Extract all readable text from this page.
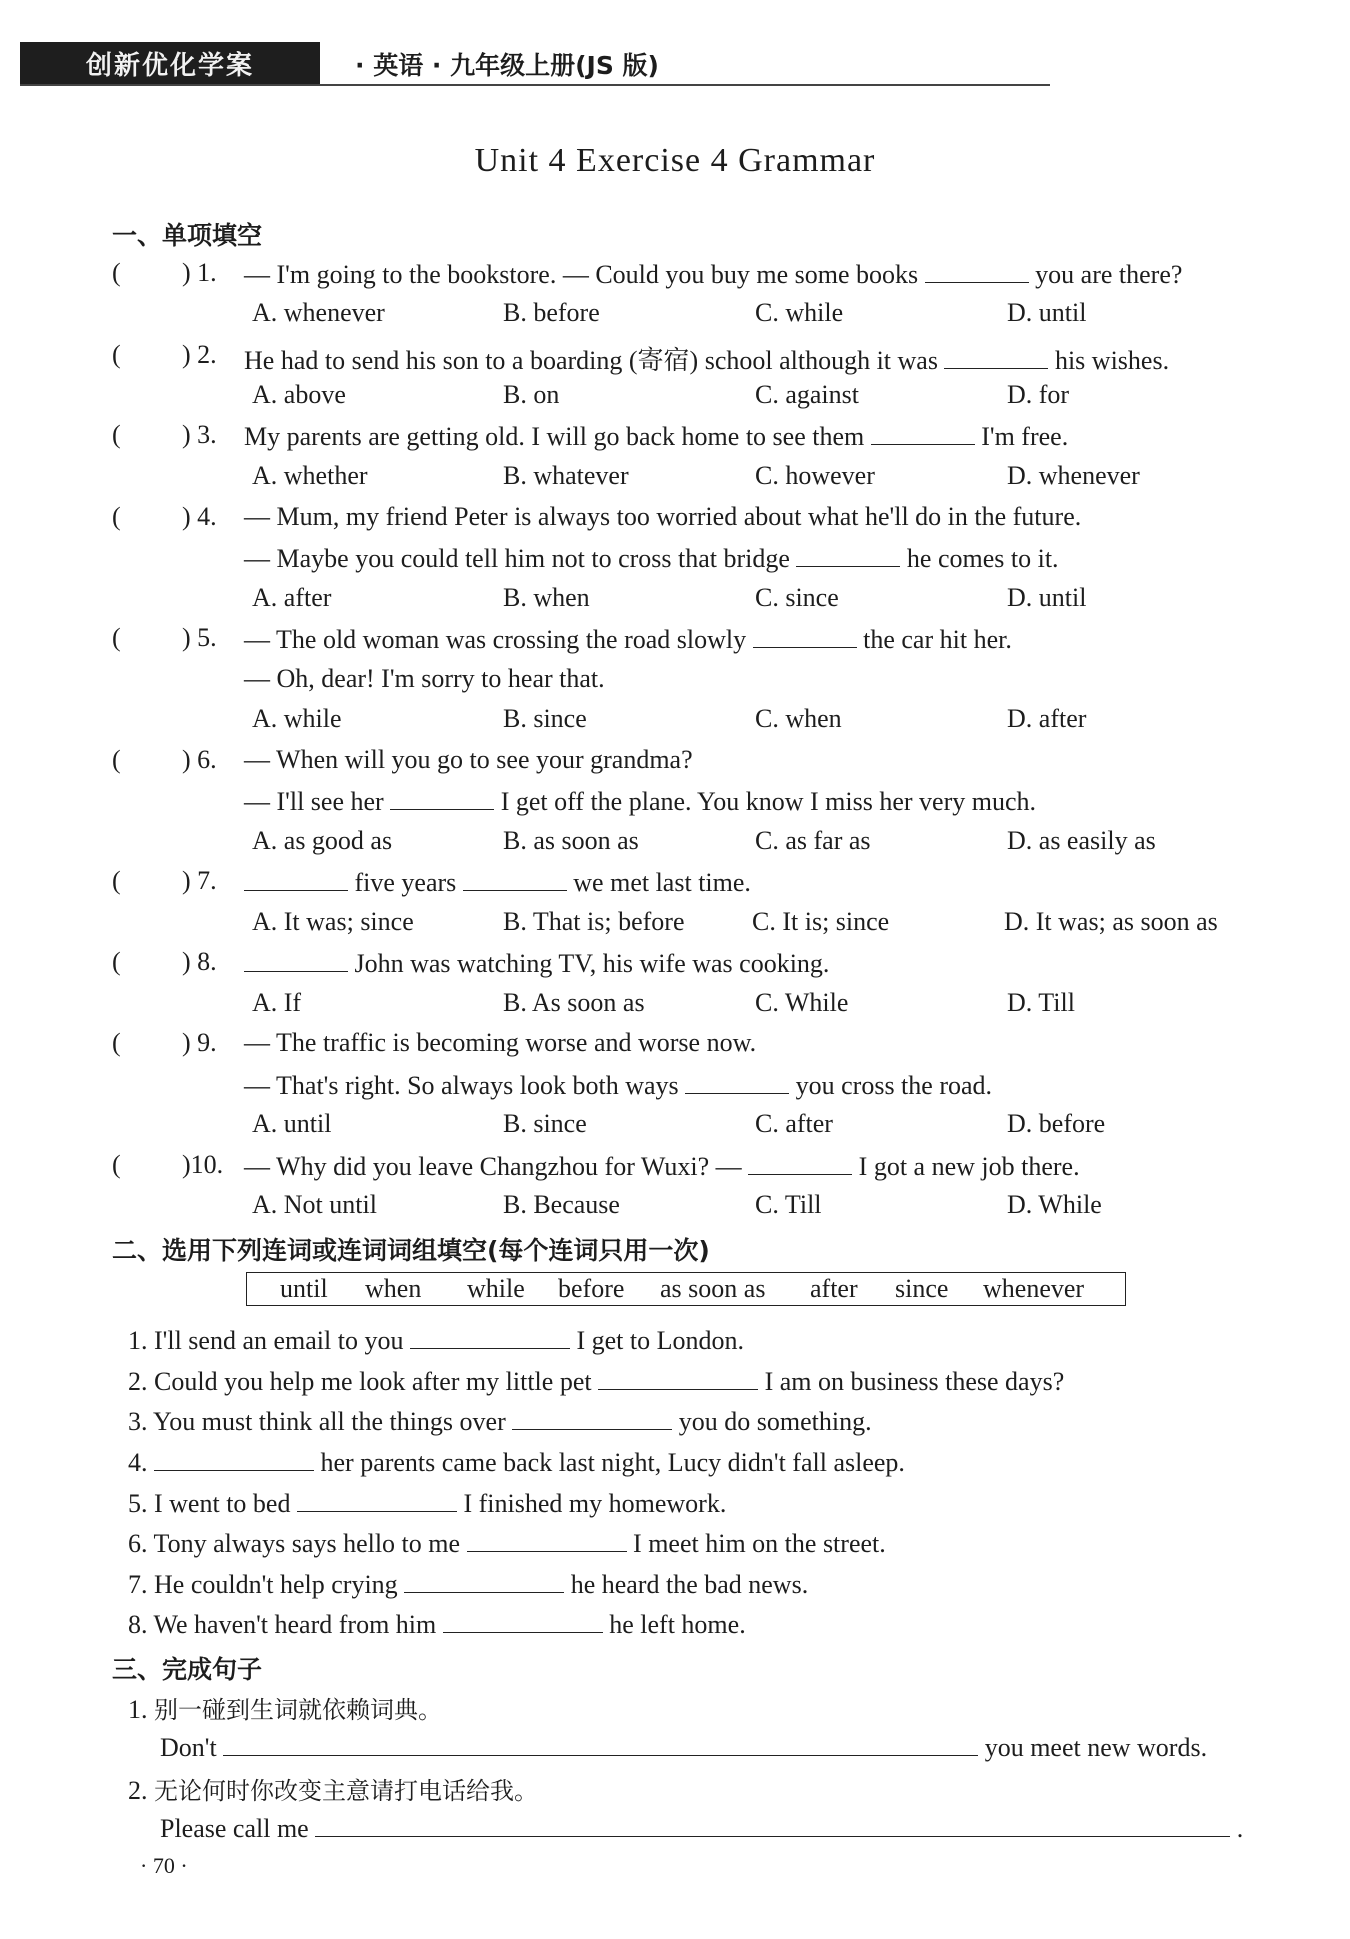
创新优化学案	· 英语 · 九年级上册(JS 版)
Unit 4 Exercise 4 Grammar
一、单项填空
( ) 1. — I'm going to the bookstore. — Could you buy me some books	you are there?
A. whenever	B. before	C. while	D. until
( ) 2. He had to send his son to a boarding (寄宿) school although it was	his wishes.
A. above	B. on	C. against	D. for
( ) 3. My parents are getting old. I will go back home to see them	I'm free.
A. whether	B. whatever	C. however	D. whenever
( ) 4. — Mum, my friend Peter is always too worried about what he'll do in the future.
— Maybe you could tell him not to cross that bridge	he comes to it.
A. after	B. when	C. since	D. until
( ) 5. — The old woman was crossing the road slowly	the car hit her.
— Oh, dear! I'm sorry to hear that.
A. while	B. since	C. when	D. after
( ) 6. — When will you go to see your grandma?
— I'll see her	I get off the plane. You know I miss her very much.
A. as good as	B. as soon as	C. as far as	D. as easily as
( ) 7.	five years	we met last time.
A. It was; since	B. That is; before	C. It is; since	D. It was; as soon as
( ) 8.	John was watching TV, his wife was cooking.
A. If	B. As soon as	C. While	D. Till
( ) 9. — The traffic is becoming worse and worse now.
— That's right. So always look both ways	you cross the road.
A. until	B. since	C. after	D. before
( )10. — Why did you leave Changzhou for Wuxi? —	I got a new job there.
A. Not until	B. Because	C. Till	D. While
二、选用下列连词或连词词组填空(每个连词只用一次)
until when while before as soon as after since whenever
1. I'll send an email to you	I get to London.
2. Could you help me look after my little pet	I am on business these days?
3. You must think all the things over	you do something.
4.	her parents came back last night, Lucy didn't fall asleep.
5. I went to bed	I finished my homework.
6. Tony always says hello to me	I meet him on the street.
7. He couldn't help crying	he heard the bad news.
8. We haven't heard from him	he left home.
三、完成句子
1. 别一碰到生词就依赖词典。
Don't	you meet new words.
2. 无论何时你改变主意请打电话给我。
Please call me	.
· 70 ·
